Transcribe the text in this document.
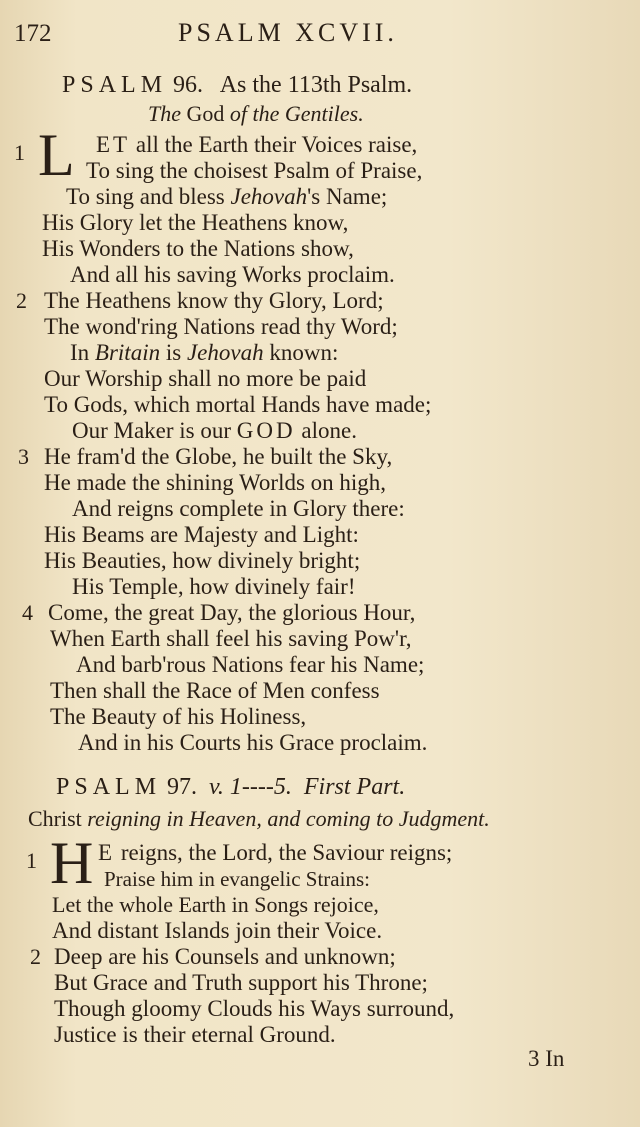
172	PSALM XCVII.
PSALM 96. As the 113th Psalm.
The God of the Gentiles.
1 L ET all the Earth their Voices raise,
To sing the choisest Psalm of Praise,
To sing and bless Jehovah's Name;
His Glory let the Heathens know,
His Wonders to the Nations show,
And all his saving Works proclaim.
2 The Heathens know thy Glory, Lord;
The wond'ring Nations read thy Word;
In Britain is Jehovah known:
Our Worship shall no more be paid
To Gods, which mortal Hands have made;
Our Maker is our GOD alone.
3 He fram'd the Globe, he built the Sky,
He made the shining Worlds on high,
And reigns complete in Glory there:
His Beams are Majesty and Light:
His Beauties, how divinely bright;
His Temple, how divinely fair!
4 Come, the great Day, the glorious Hour,
When Earth shall feel his saving Pow'r,
And barb'rous Nations fear his Name;
Then shall the Race of Men confess
The Beauty of his Holiness,
And in his Courts his Grace proclaim.
PSALM 97. v. 1----5. First Part.
Christ reigning in Heaven, and coming to Judgment.
1 H E reigns, the Lord, the Saviour reigns;
Praise him in evangelic Strains:
Let the whole Earth in Songs rejoice,
And distant Islands join their Voice.
2 Deep are his Counsels and unknown;
But Grace and Truth support his Throne;
Though gloomy Clouds his Ways surround,
Justice is their eternal Ground.
3 In
